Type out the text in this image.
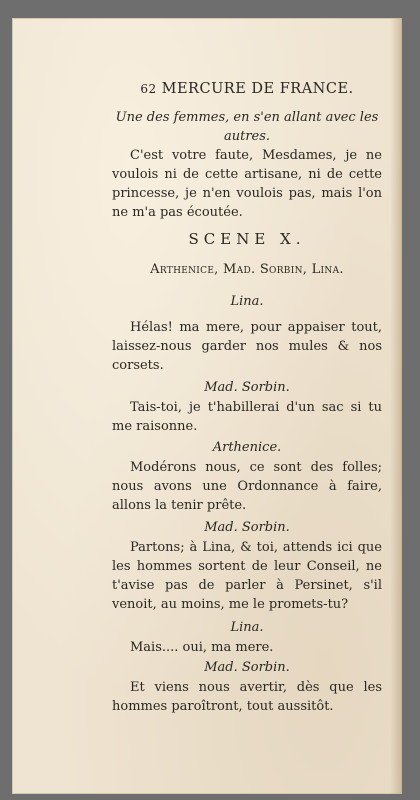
62 MERCURE DE FRANCE.

Une des femmes, en s'en allant avec les autres.

C'est votre faute, Mesdames, je ne voulois ni de cette artisane, ni de cette princesse, je n'en voulois pas, mais l'on ne m'a pas écoutée.

SCENE X.

Arthenice, Mad. Sorbin, Lina.

Lina.

Hélas! ma mere, pour appaiser tout, laissez-nous garder nos mules & nos corsets.

Mad. Sorbin.

Tais-toi, je t'habillerai d'un sac si tu me raisonne.

Arthenice.

Modérons nous, ce sont des folles; nous avons une Ordonnance à faire, allons la tenir prête.

Mad. Sorbin.

Partons; à Lina, & toi, attends ici que les hommes sortent de leur Conseil, ne t'avise pas de parler à Persinet, s'il venoit, au moins, me le promets-tu?

Lina.

Mais.... oui, ma mere.

Mad. Sorbin.

Et viens nous avertir, dès que les hommes paroîtront, tout aussitôt.
